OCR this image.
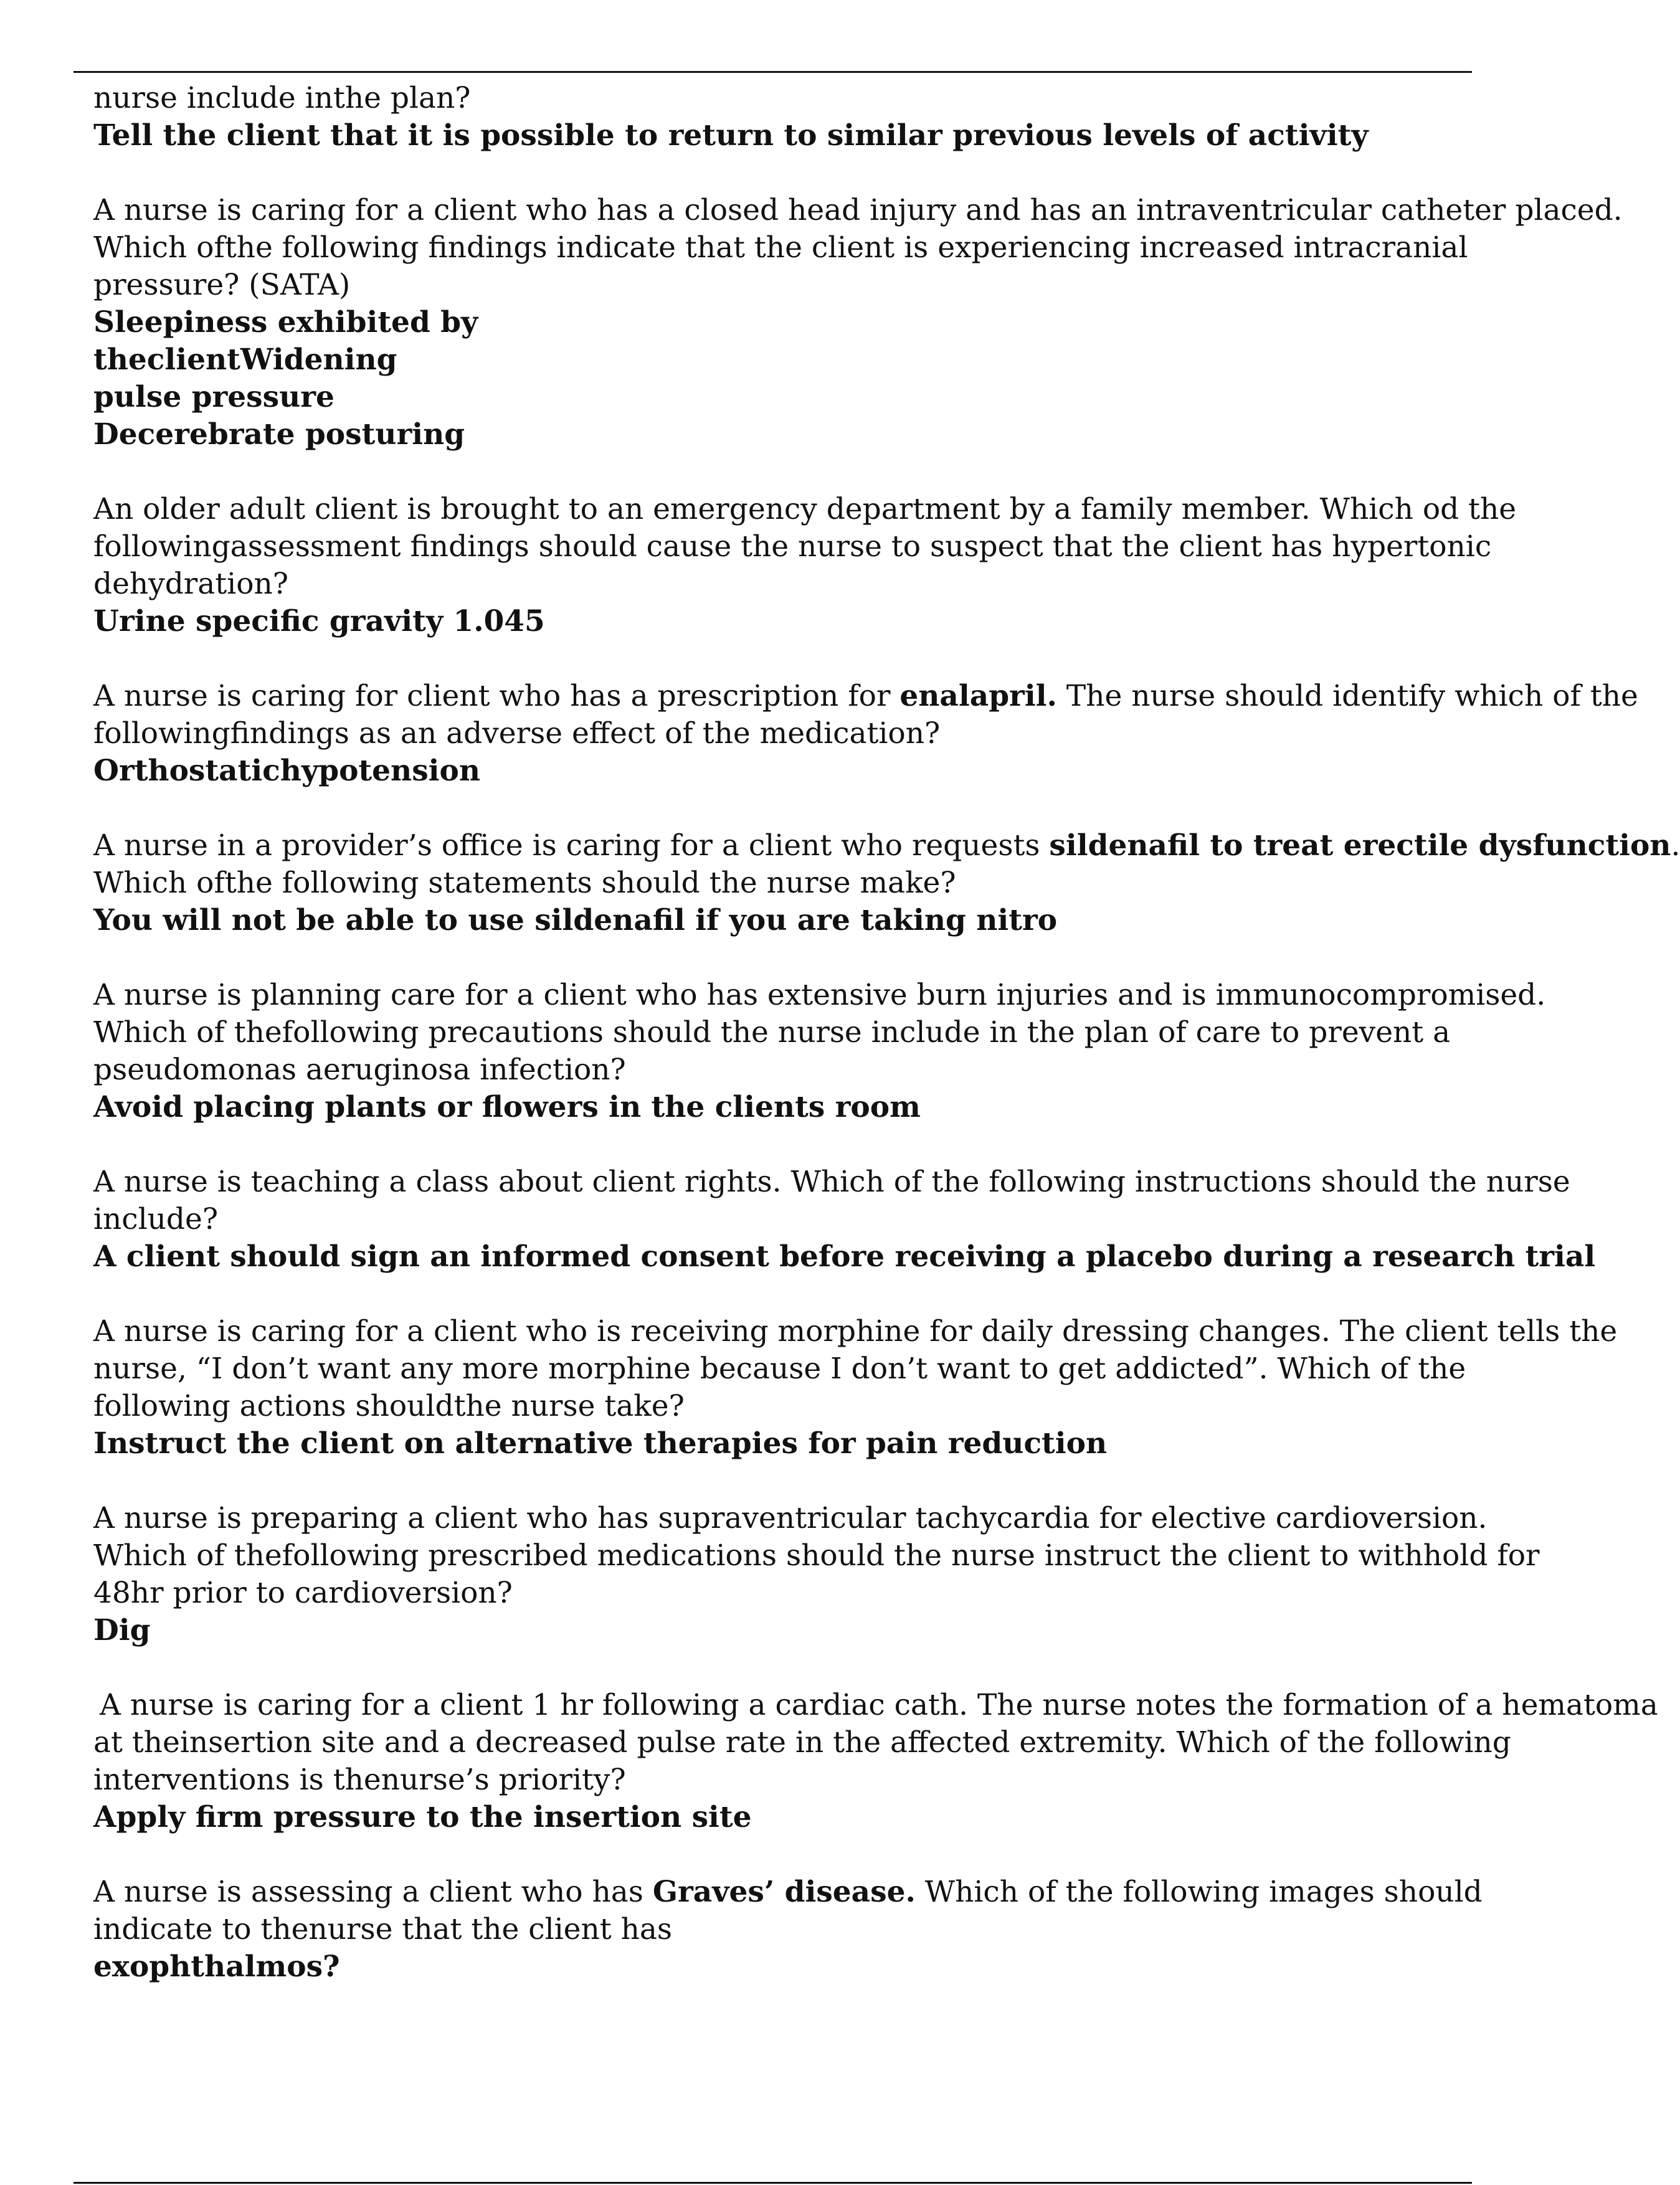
nurse include inthe plan?
Tell the client that it is possible to return to similar previous levels of activity
A nurse is caring for a client who has a closed head injury and has an intraventricular catheter placed.
Which ofthe following findings indicate that the client is experiencing increased intracranial
pressure? (SATA)
Sleepiness exhibited by
theclientWidening
pulse pressure
Decerebrate posturing
An older adult client is brought to an emergency department by a family member. Which od the
followingassessment findings should cause the nurse to suspect that the client has hypertonic
dehydration?
Urine specific gravity 1.045
A nurse is caring for client who has a prescription for enalapril. The nurse should identify which of the
followingfindings as an adverse effect of the medication?
Orthostatichypotension
A nurse in a provider’s office is caring for a client who requests sildenafil to treat erectile dysfunction.
Which ofthe following statements should the nurse make?
You will not be able to use sildenafil if you are taking nitro
A nurse is planning care for a client who has extensive burn injuries and is immunocompromised.
Which of thefollowing precautions should the nurse include in the plan of care to prevent a
pseudomonas aeruginosa infection?
Avoid placing plants or flowers in the clients room
A nurse is teaching a class about client rights. Which of the following instructions should the nurse
include?
A client should sign an informed consent before receiving a placebo during a research trial
A nurse is caring for a client who is receiving morphine for daily dressing changes. The client tells the
nurse, “I don’t want any more morphine because I don’t want to get addicted”. Which of the
following actions shouldthe nurse take?
Instruct the client on alternative therapies for pain reduction
A nurse is preparing a client who has supraventricular tachycardia for elective cardioversion.
Which of thefollowing prescribed medications should the nurse instruct the client to withhold for
48hr prior to cardioversion?
Dig
A nurse is caring for a client 1 hr following a cardiac cath. The nurse notes the formation of a hematoma
at theinsertion site and a decreased pulse rate in the affected extremity. Which of the following
interventions is thenurse’s priority?
Apply firm pressure to the insertion site
A nurse is assessing a client who has Graves’ disease. Which of the following images should
indicate to thenurse that the client has
exophthalmos?
